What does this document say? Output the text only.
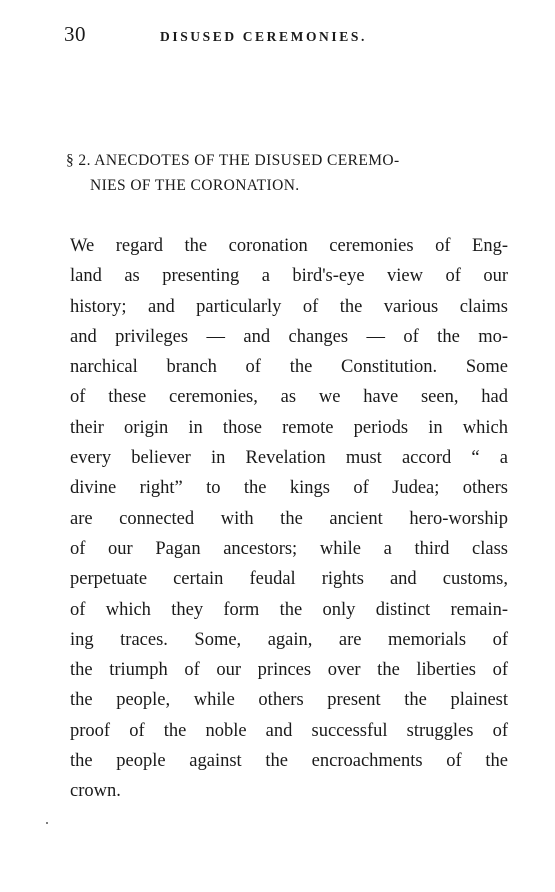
30	DISUSED CEREMONIES.
§ 2. ANECDOTES OF THE DISUSED CEREMO-
NIES OF THE CORONATION.
We regard the coronation ceremonies of Eng-
land as presenting a bird's-eye view of our
history; and particularly of the various claims
and privileges — and changes — of the mo-
narchical branch of the Constitution. Some
of these ceremonies, as we have seen, had
their origin in those remote periods in which
every believer in Revelation must accord “ a
divine right” to the kings of Judea; others
are connected with the ancient hero-worship
of our Pagan ancestors; while a third class
perpetuate certain feudal rights and customs,
of which they form the only distinct remain-
ing traces. Some, again, are memorials of
the triumph of our princes over the liberties of
the people, while others present the plainest
proof of the noble and successful struggles of
the people against the encroachments of the
crown.
